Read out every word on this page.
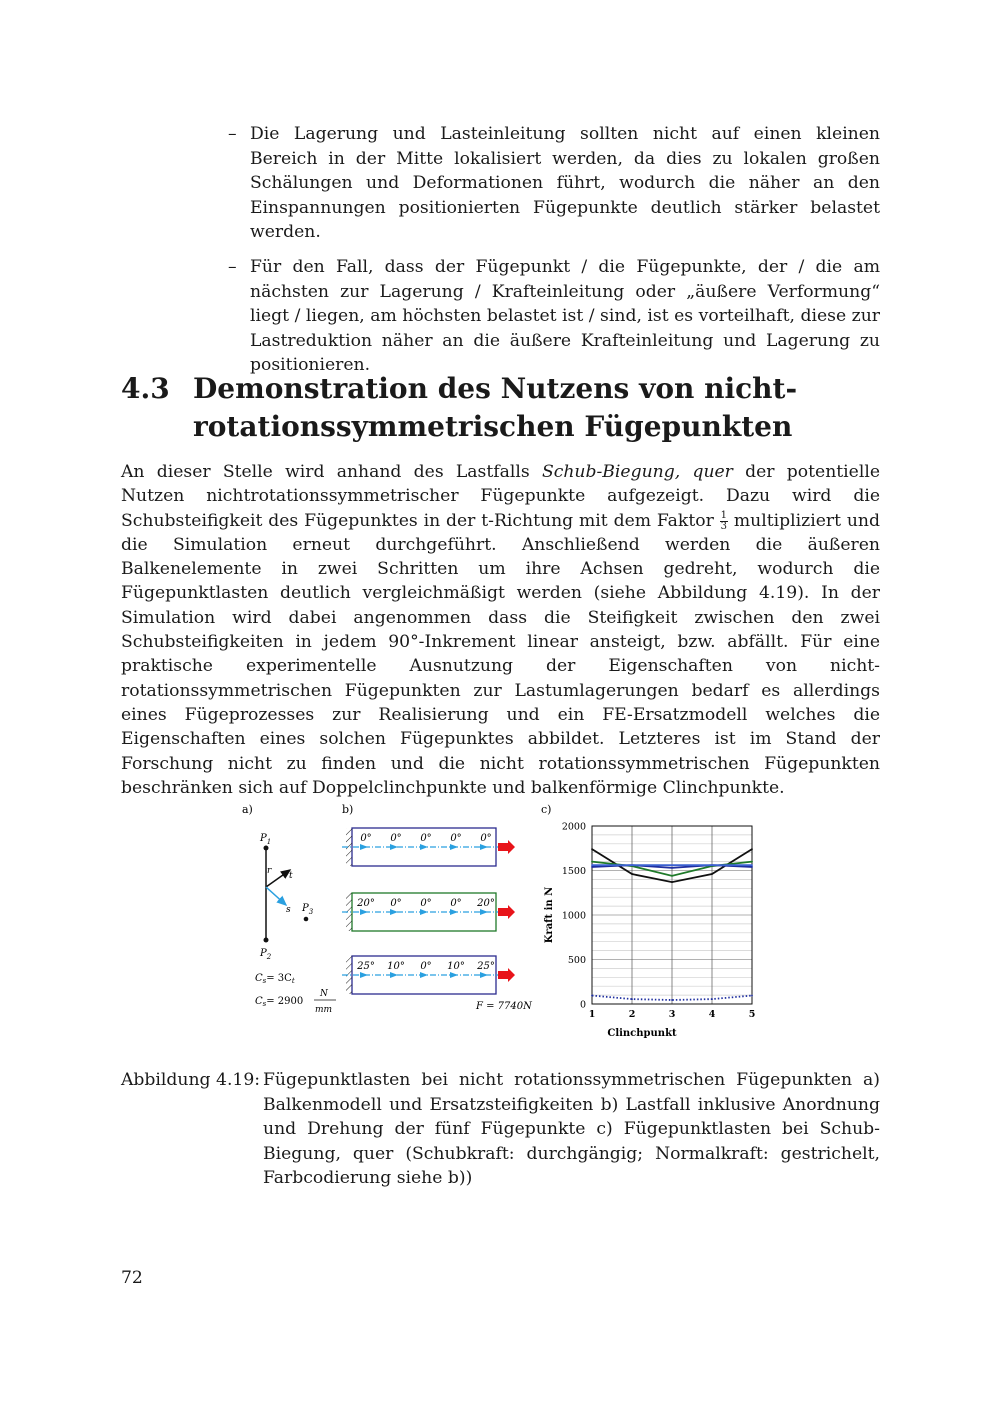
– Die Lagerung und Lasteinleitung sollten nicht auf einen kleinen Bereich in der Mitte lokalisiert werden, da dies zu lokalen großen Schälungen und Deformationen führt, wodurch die näher an den Einspannungen positionierten Fügepunkte deutlich stärker belastet werden.
– Für den Fall, dass der Fügepunkt / die Fügepunkte, der / die am nächsten zur Lagerung / Krafteinleitung oder „äußere Verformung“ liegt / liegen, am höchsten belastet ist / sind, ist es vorteilhaft, diese zur Lastreduktion näher an die äußere Krafteinleitung und Lagerung zu positionieren.
4.3 Demonstration des Nutzens von nicht-rotationssymmetrischen Fügepunkten
An dieser Stelle wird anhand des Lastfalls Schub-Biegung, quer der potentielle Nutzen nichtrotationssymmetrischer Fügepunkte aufgezeigt. Dazu wird die Schubsteifigkeit des Fügepunktes in der t-Richtung mit dem Faktor $\frac{1}{3}$ multipliziert und die Simulation erneut durchgeführt. Anschließend werden die äußeren Balkenelemente in zwei Schritten um ihre Achsen gedreht, wodurch die Fügepunktlasten deutlich vergleichmäßigt werden (siehe Abbildung 4.19). In der Simulation wird dabei angenommen dass die Steifigkeit zwischen den zwei Schubsteifigkeiten in jedem 90°-Inkrement linear ansteigt, bzw. abfällt. Für eine praktische experimentelle Ausnutzung der Eigenschaften von nicht-rotationssymmetrischen Fügepunkten zur Lastumlagerungen bedarf es allerdings eines Fügeprozesses zur Realisierung und ein FE-Ersatzmodell welches die Eigenschaften eines solchen Fügepunktes abbildet. Letzteres ist im Stand der Forschung nicht zu finden und die nicht rotationssymmetrischen Fügepunkten beschränken sich auf Doppelclinchpunkte und balkenförmige Clinchpunkte.
a)
$P_1$
$P_2$
$P_3$
r t
s
$C_s= 3C_t$
$C_s= 2900$
N
mm
b)
0° 0° 0° 0° 0°
20° 0° 0° 0° 20°
25° 10° 0° 10° 25°
F = 7740N
c)
0
500
1000
1500
2000
1	2	3	4	5
Clinchpunkt
Kraft in N
Abbildung 4.19: Fügepunktlasten bei nicht rotationssymmetrischen Fügepunkten a) Balkenmodell und Ersatzsteifigkeiten b) Lastfall inklusive Anordnung und Drehung der fünf Fügepunkte c) Fügepunktlasten bei Schub-Biegung, quer (Schubkraft: durchgängig; Normalkraft: gestrichelt, Farbcodierung siehe b))
72
